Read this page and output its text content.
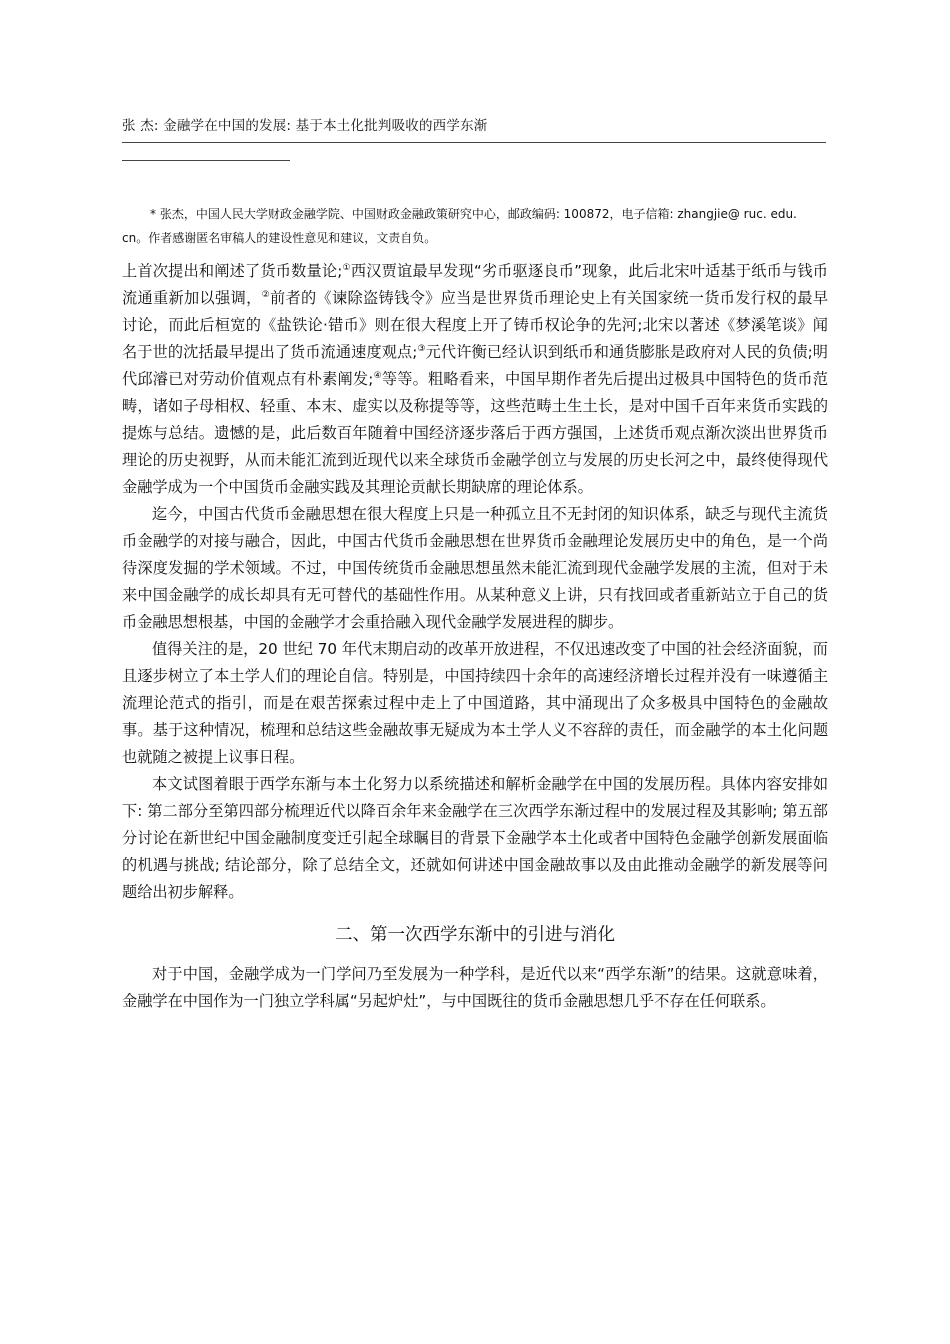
张 杰: 金融学在中国的发展: 基于本土化批判吸收的西学东渐

* 张杰，中国人民大学财政金融学院、中国财政金融政策研究中心，邮政编码: 100872，电子信箱: zhangjie@ ruc. edu. cn。作者感谢匿名审稿人的建设性意见和建议，文责自负。

上首次提出和阐述了货币数量论;①西汉贾谊最早发现“劣币驱逐良币”现象，此后北宋叶适基于纸币与钱币流通重新加以强调，②前者的《谏除盗铸钱令》应当是世界货币理论史上有关国家统一货币发行权的最早讨论，而此后桓宽的《盐铁论·错币》则在很大程度上开了铸币权论争的先河;北宋以著述《梦溪笔谈》闻名于世的沈括最早提出了货币流通速度观点;③元代许衡已经认识到纸币和通货膨胀是政府对人民的负债;明代邱濬已对劳动价值观点有朴素阐发;④等等。粗略看来，中国早期作者先后提出过极具中国特色的货币范畴，诸如子母相权、轻重、本末、虚实以及称提等等，这些范畴土生土长，是对中国千百年来货币实践的提炼与总结。遗憾的是，此后数百年随着中国经济逐步落后于西方强国，上述货币观点渐次淡出世界货币理论的历史视野，从而未能汇流到近现代以来全球货币金融学创立与发展的历史长河之中，最终使得现代金融学成为一个中国货币金融实践及其理论贡献长期缺席的理论体系。

迄今，中国古代货币金融思想在很大程度上只是一种孤立且不无封闭的知识体系，缺乏与现代主流货币金融学的对接与融合，因此，中国古代货币金融思想在世界货币金融理论发展历史中的角色，是一个尚待深度发掘的学术领域。不过，中国传统货币金融思想虽然未能汇流到现代金融学发展的主流，但对于未来中国金融学的成长却具有无可替代的基础性作用。从某种意义上讲，只有找回或者重新站立于自己的货币金融思想根基，中国的金融学才会重拾融入现代金融学发展进程的脚步。

值得关注的是，20 世纪 70 年代末期启动的改革开放进程，不仅迅速改变了中国的社会经济面貌，而且逐步树立了本土学人们的理论自信。特别是，中国持续四十余年的高速经济增长过程并没有一味遵循主流理论范式的指引，而是在艰苦探索过程中走上了中国道路，其中涌现出了众多极具中国特色的金融故事。基于这种情况，梳理和总结这些金融故事无疑成为本土学人义不容辞的责任，而金融学的本土化问题也就随之被提上议事日程。

本文试图着眼于西学东渐与本土化努力以系统描述和解析金融学在中国的发展历程。具体内容安排如下: 第二部分至第四部分梳理近代以降百余年来金融学在三次西学东渐过程中的发展过程及其影响; 第五部分讨论在新世纪中国金融制度变迁引起全球瞩目的背景下金融学本土化或者中国特色金融学创新发展面临的机遇与挑战; 结论部分，除了总结全文，还就如何讲述中国金融故事以及由此推动金融学的新发展等问题给出初步解释。

二、第一次西学东渐中的引进与消化

对于中国，金融学成为一门学问乃至发展为一种学科，是近代以来“西学东渐”的结果。这就意味着，金融学在中国作为一门独立学科属“另起炉灶”，与中国既往的货币金融思想几乎不存在任何联系。
